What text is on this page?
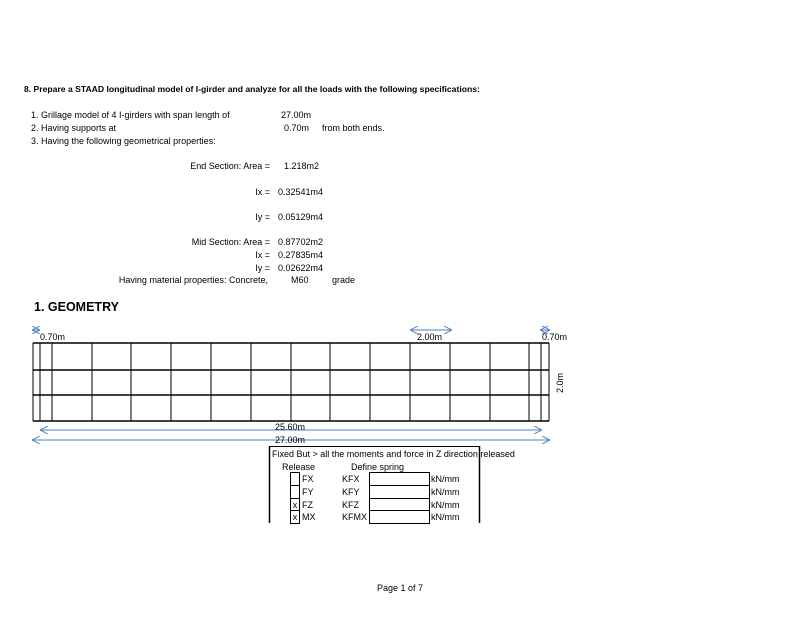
8. Prepare a STAAD longitudinal model of I-girder and analyze for all the loads with the following specifications:
1. Grillage model of 4 I-girders with span length of	27.00m
2. Having supports at	0.70m from both ends.
3. Having the following geometrical properties:
End Section: Area = 1.218m2
Ix = 0.32541m4
Iy = 0.05129m4
Mid Section: Area = 0.87702m2
Ix = 0.27835m4
Iy = 0.02622m4
Having material properties: Concrete,	M60	grade
1. GEOMETRY
0.70m	2.00m	0.70m
2.0m
25.60m
27.00m
Fixed But > all the moments and force in Z direction released
Release	Define spring
FX	KFX	kN/mm
FY	KFY	kN/mm
x FZ	KFZ	kN/mm
x MX	KFMX	kN/mm
Page 1 of 7
